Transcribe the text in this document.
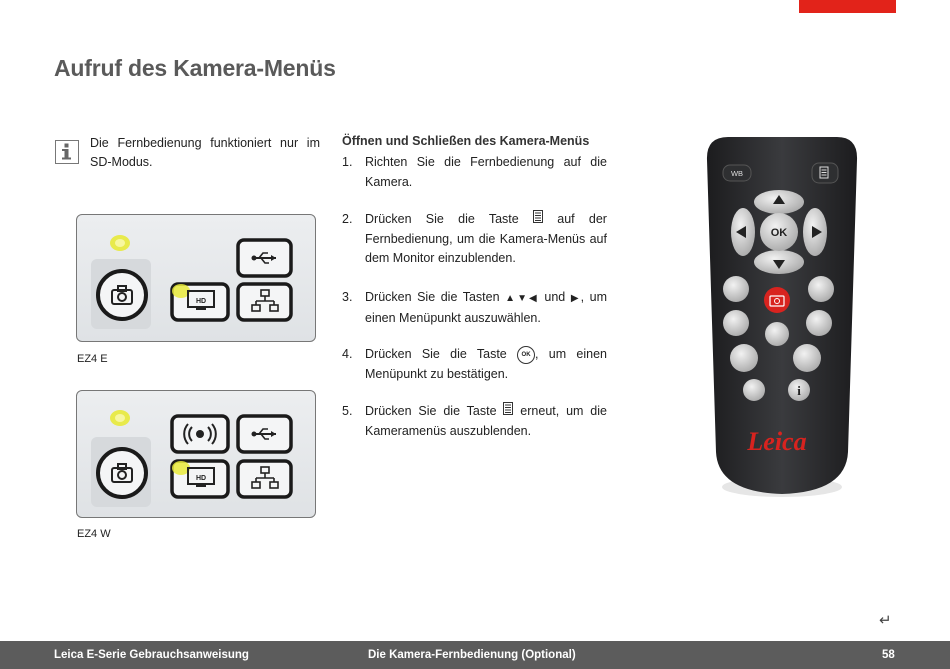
Aufruf des Kamera-Menüs
Die Fernbedienung funktioniert nur im SD-Modus.
HD
EZ4 E
HD
EZ4 W
Öffnen und Schließen des Kamera-Menüs
1. Richten Sie die Fernbedienung auf die Kamera.
2. Drücken Sie die Taste	auf der Fernbedienung, um die Kamera-Menüs auf dem Monitor einzublenden.
3. Drücken Sie die Tasten ▲▼◀ und ▶, um einen Menüpunkt auszuwählen.
4. Drücken Sie die Taste OK , um einen Menüpunkt zu bestätigen.
5. Drücken Sie die Taste erneut, um die Kameramenüs auszublenden.
WB
OK
i
Leica
↵
Leica E-Serie Gebrauchsanweisung	Die Kamera-Fernbedienung (Optional)	58
